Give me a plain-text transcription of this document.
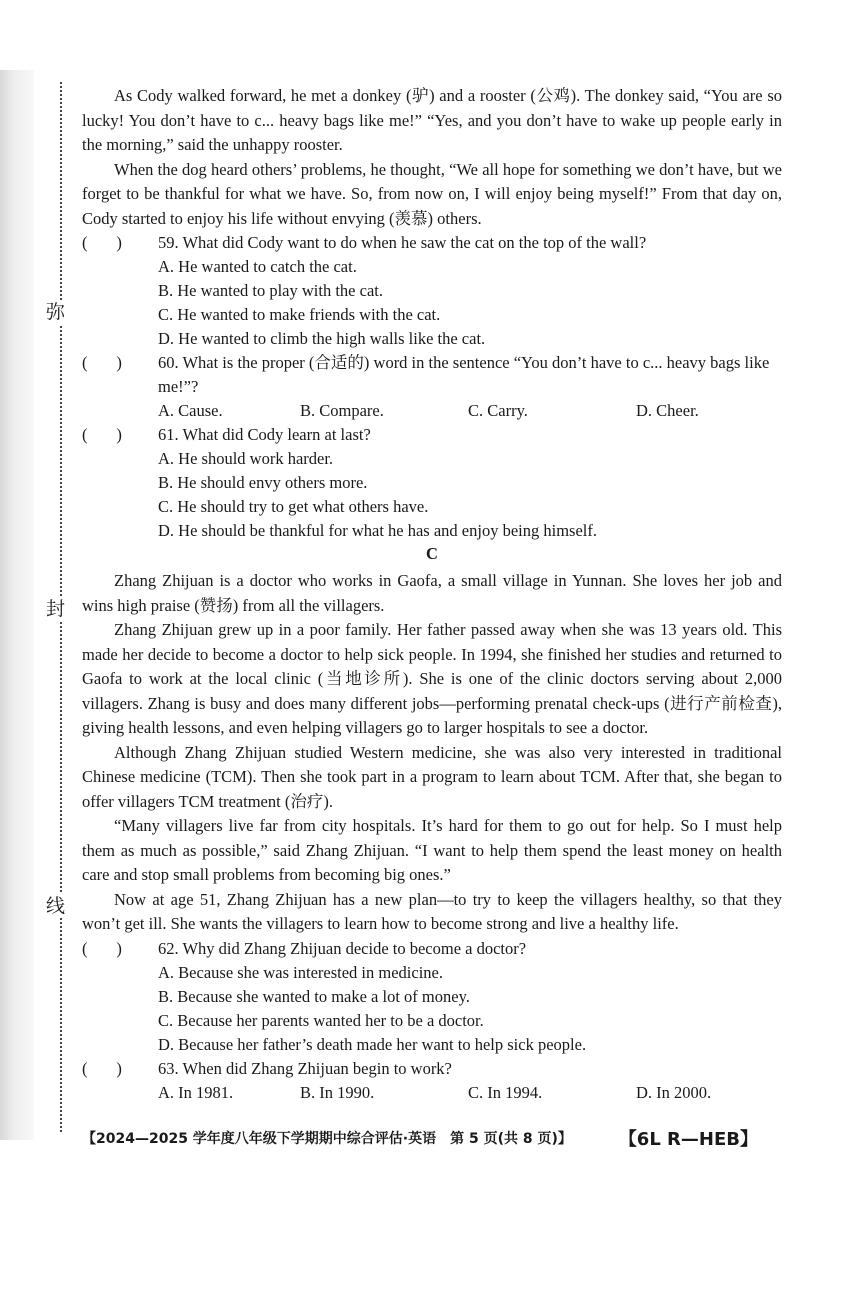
弥
封
线

As Cody walked forward, he met a donkey (驴) and a rooster (公鸡). The donkey said, “You are so lucky! You don’t have to c... heavy bags like me!” “Yes, and you don’t have to wake up people early in the morning,” said the unhappy rooster.

When the dog heard others’ problems, he thought, “We all hope for something we don’t have, but we forget to be thankful for what we have. So, from now on, I will enjoy being myself!” From that day on, Cody started to enjoy his life without envying (羡慕) others.

(       )	59. What did Cody want to do when he saw the cat on the top of the wall?
A. He wanted to catch the cat.
B. He wanted to play with the cat.
C. He wanted to make friends with the cat.
D. He wanted to climb the high walls like the cat.
(       )	60. What is the proper (合适的) word in the sentence “You don’t have to c... heavy bags like me!”?
A. Cause.	B. Compare.	C. Carry.	D. Cheer.
(       )	61. What did Cody learn at last?
A. He should work harder.
B. He should envy others more.
C. He should try to get what others have.
D. He should be thankful for what he has and enjoy being himself.
C

Zhang Zhijuan is a doctor who works in Gaofa, a small village in Yunnan. She loves her job and wins high praise (赞扬) from all the villagers.

Zhang Zhijuan grew up in a poor family. Her father passed away when she was 13 years old. This made her decide to become a doctor to help sick people. In 1994, she finished her studies and returned to Gaofa to work at the local clinic (当地诊所). She is one of the clinic doctors serving about 2,000 villagers. Zhang is busy and does many different jobs—performing prenatal check-ups (进行产前检查), giving health lessons, and even helping villagers go to larger hospitals to see a doctor.

Although Zhang Zhijuan studied Western medicine, she was also very interested in traditional Chinese medicine (TCM). Then she took part in a program to learn about TCM. After that, she began to offer villagers TCM treatment (治疗).

“Many villagers live far from city hospitals. It’s hard for them to go out for help. So I must help them as much as possible,” said Zhang Zhijuan. “I want to help them spend the least money on health care and stop small problems from becoming big ones.”

Now at age 51, Zhang Zhijuan has a new plan—to try to keep the villagers healthy, so that they won’t get ill. She wants the villagers to learn how to become strong and live a healthy life.

(       )	62. Why did Zhang Zhijuan decide to become a doctor?
A. Because she was interested in medicine.
B. Because she wanted to make a lot of money.
C. Because her parents wanted her to be a doctor.
D. Because her father’s death made her want to help sick people.
(       )	63. When did Zhang Zhijuan begin to work?
A. In 1981.	B. In 1990.	C. In 1994.	D. In 2000.
【2024—2025 学年度八年级下学期期中综合评估·英语　第 5 页(共 8 页)】	【6L R—HEB】
